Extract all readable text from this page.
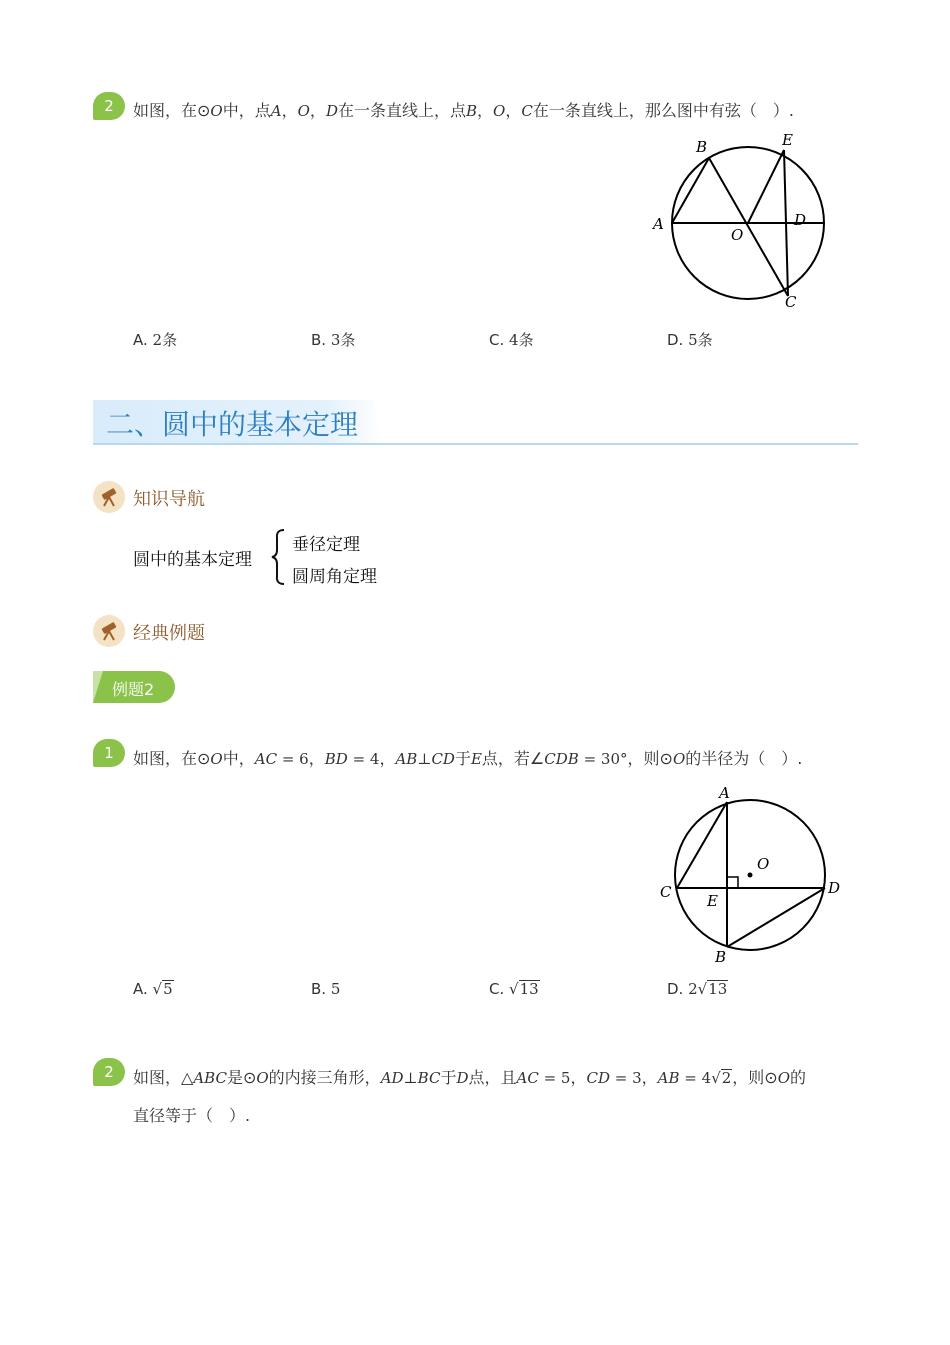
2	如图，在⊙O中，点A，O，D在一条直线上，点B，O，C在一条直线上，那么图中有弦（　）.
B	E
A	D
O
C
A. 2条	B. 3条	C. 4条	D. 5条
二、圆中的基本定理
知识导航
圆中的基本定理
垂径定理
圆周角定理
经典例题
例题2
1	如图，在⊙O中，AC = 6，BD = 4，AB⊥CD于E点，若∠CDB = 30°，则⊙O的半径为（　）.
A
O
C E
D
B
A. √5	B. 5	C. √13	D. 2√13
2	如图，△ABC是⊙O的内接三角形，AD⊥BC于D点，且AC = 5，CD = 3，AB = 4√2，则⊙O的
直径等于（　）.
